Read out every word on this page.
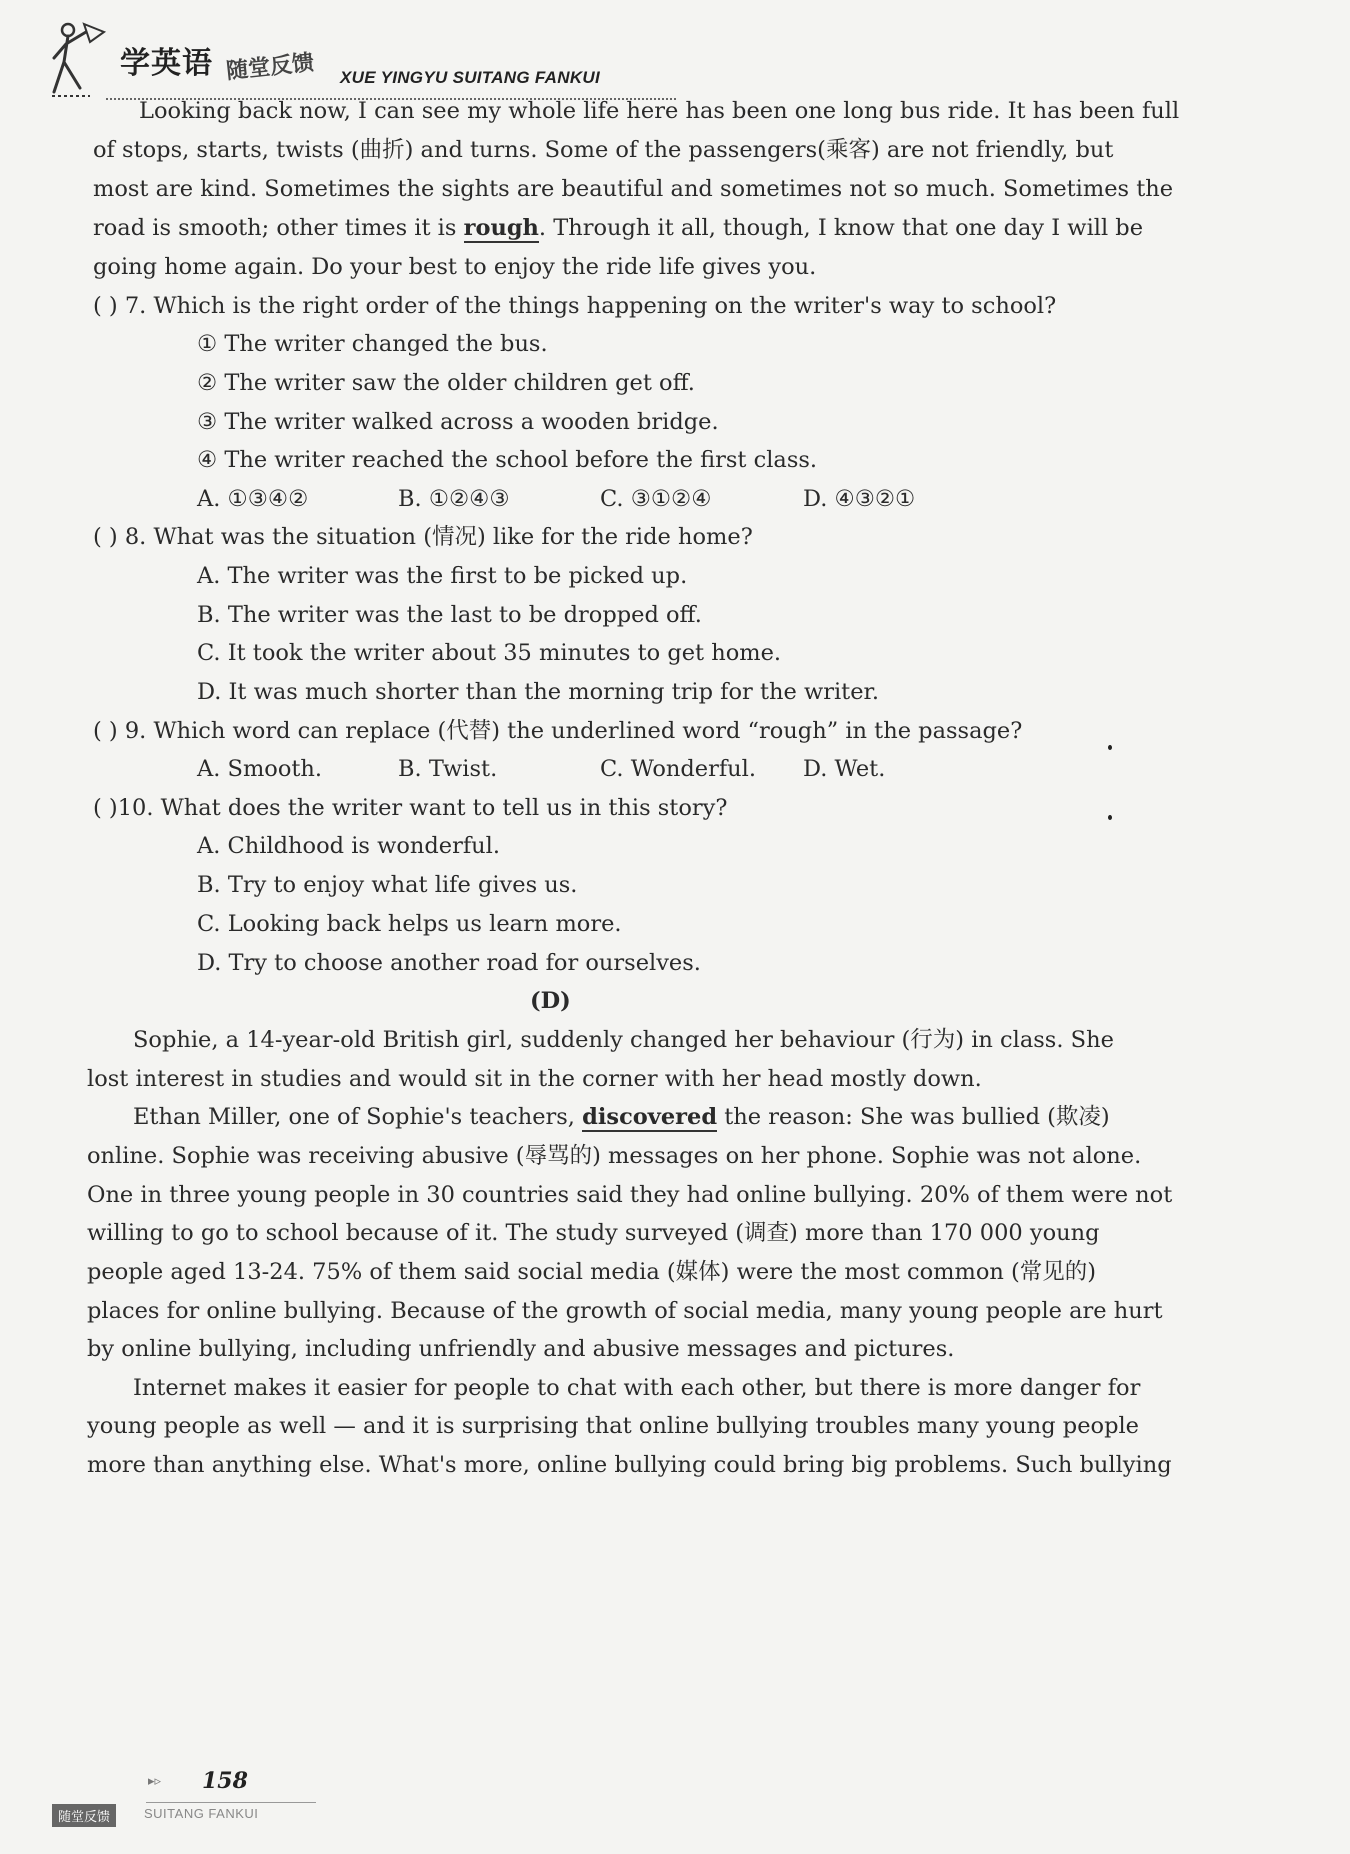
学英语 随堂反馈 XUE YINGYU SUITANG FANKUI
Looking back now, I can see my whole life here has been one long bus ride. It has been full
of stops, starts, twists (曲折) and turns. Some of the passengers(乘客) are not friendly, but
most are kind. Sometimes the sights are beautiful and sometimes not so much. Sometimes the
road is smooth; other times it is rough. Through it all, though, I know that one day I will be
going home again. Do your best to enjoy the ride life gives you.
( ) 7. Which is the right order of the things happening on the writer's way to school?
① The writer changed the bus.
② The writer saw the older children get off.
③ The writer walked across a wooden bridge.
④ The writer reached the school before the first class.
A. ①③④②	B. ①②④③	C. ③①②④	D. ④③②①
( ) 8. What was the situation (情况) like for the ride home?
A. The writer was the first to be picked up.
B. The writer was the last to be dropped off.
C. It took the writer about 35 minutes to get home.
D. It was much shorter than the morning trip for the writer.
( ) 9. Which word can replace (代替) the underlined word “rough” in the passage?
A. Smooth.	B. Twist.	C. Wonderful. D. Wet.
( )10. What does the writer want to tell us in this story?
A. Childhood is wonderful.
B. Try to enjoy what life gives us.
C. Looking back helps us learn more.
D. Try to choose another road for ourselves.
(D)
Sophie, a 14-year-old British girl, suddenly changed her behaviour (行为) in class. She
lost interest in studies and would sit in the corner with her head mostly down.
Ethan Miller, one of Sophie's teachers, discovered the reason: She was bullied (欺凌)
online. Sophie was receiving abusive (辱骂的) messages on her phone. Sophie was not alone.
One in three young people in 30 countries said they had online bullying. 20% of them were not
willing to go to school because of it. The study surveyed (调查) more than 170 000 young
people aged 13-24. 75% of them said social media (媒体) were the most common (常见的)
places for online bullying. Because of the growth of social media, many young people are hurt
by online bullying, including unfriendly and abusive messages and pictures.
Internet makes it easier for people to chat with each other, but there is more danger for
young people as well — and it is surprising that online bullying troubles many young people
more than anything else. What's more, online bullying could bring big problems. Such bullying
▸▹ 158
随堂反馈	SUITANG FANKUI
